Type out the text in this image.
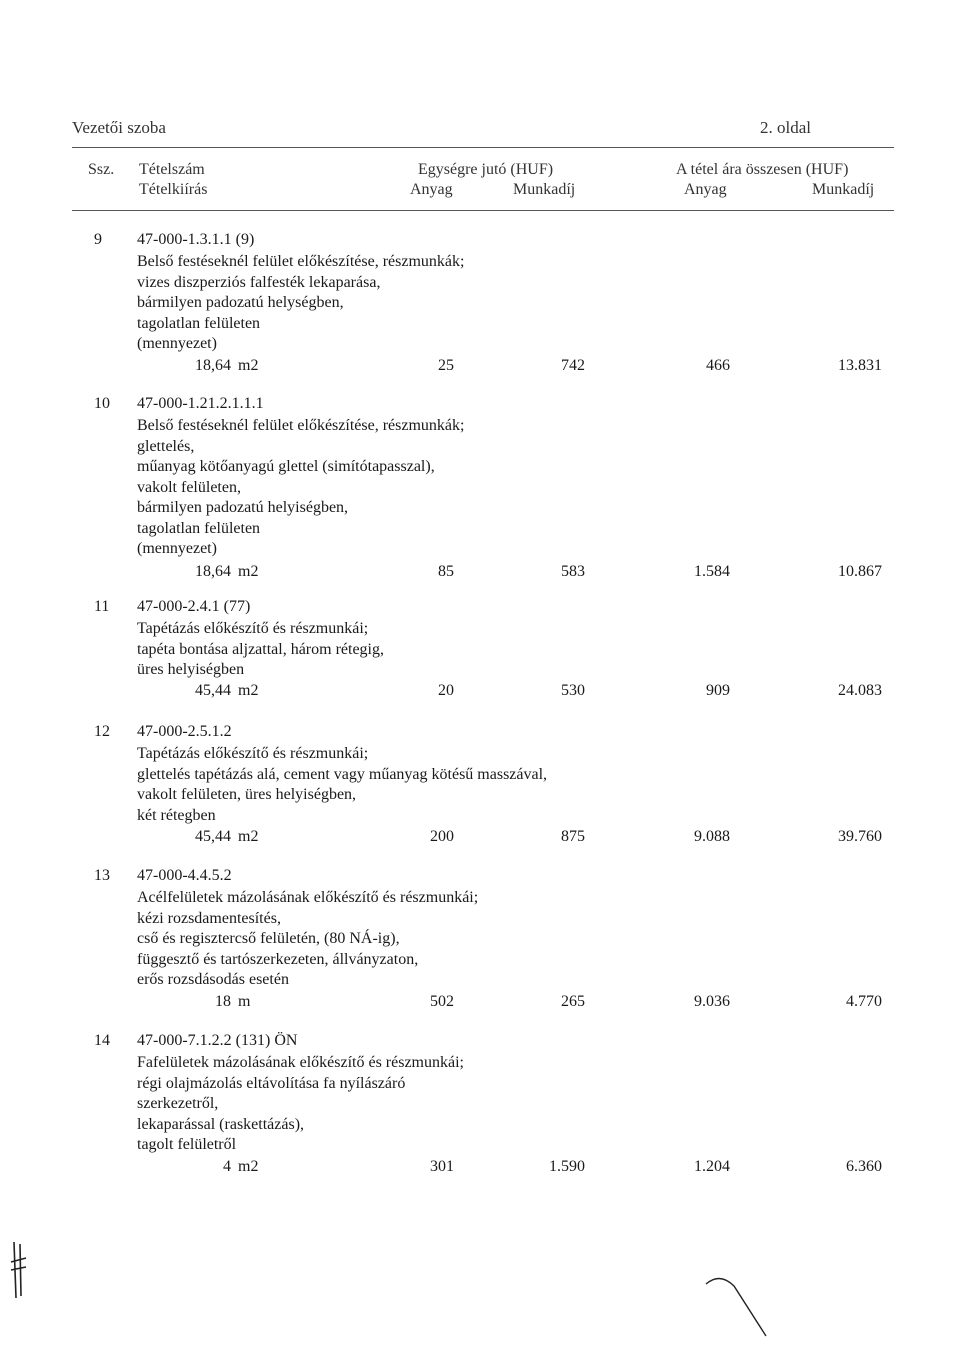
Vezetői szoba	2. oldal
Ssz. Tételszám
Tételkiírás
Egységre jutó (HUF)	A tétel ára összesen (HUF)
Anyag	Munkadíj	Anyag	Munkadíj
9 47-000-1.3.1.1 (9)
Belső festéseknél felület előkészítése, részmunkák;
vizes diszperziós falfesték lekaparása,
bármilyen padozatú helységben,
tagolatlan felületen
(mennyezet)
18,64 m2	25	742	466	13.831
10 47-000-1.21.2.1.1.1
Belső festéseknél felület előkészítése, részmunkák;
glettelés,
műanyag kötőanyagú glettel (simítótapasszal),
vakolt felületen,
bármilyen padozatú helyiségben,
tagolatlan felületen
(mennyezet)
18,64 m2	85	583	1.584	10.867
11 47-000-2.4.1 (77)
Tapétázás előkészítő és részmunkái;
tapéta bontása aljzattal, három rétegig,
üres helyiségben
45,44 m2	20	530	909	24.083
12 47-000-2.5.1.2
Tapétázás előkészítő és részmunkái;
glettelés tapétázás alá, cement vagy műanyag kötésű masszával,
vakolt felületen, üres helyiségben,
két rétegben
45,44 m2	200	875	9.088	39.760
13 47-000-4.4.5.2
Acélfelületek mázolásának előkészítő és részmunkái;
kézi rozsdamentesítés,
cső és regisztercső felületén, (80 NÁ-ig),
függesztő és tartószerkezeten, állványzaton,
erős rozsdásodás esetén
18 m	502	265	9.036	4.770
14 47-000-7.1.2.2 (131) ÖN
Fafelületek mázolásának előkészítő és részmunkái;
régi olajmázolás eltávolítása fa nyílászáró
szerkezetről,
lekaparással (raskettázás),
tagolt felületről
4 m2	301	1.590	1.204	6.360
